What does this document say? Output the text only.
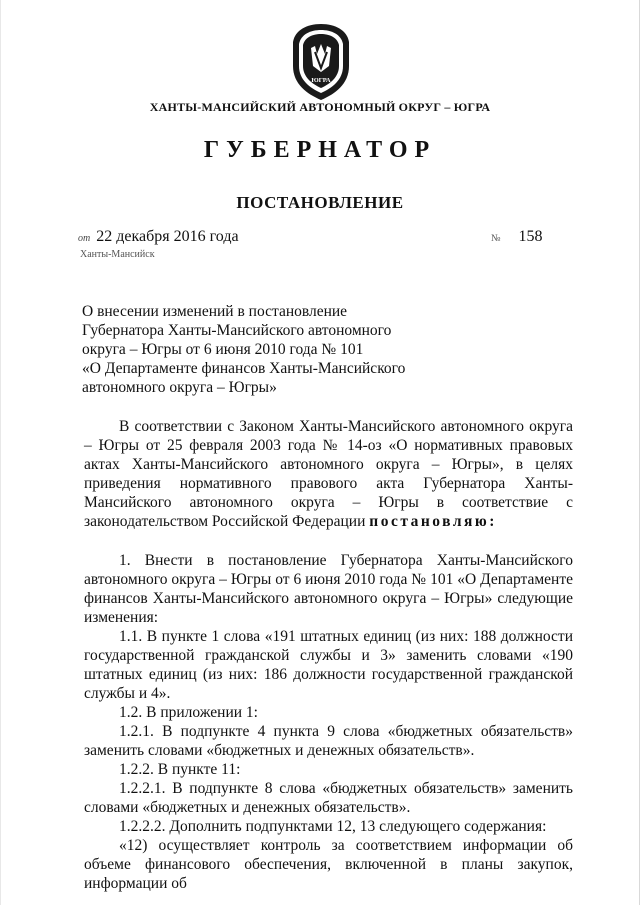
ЮГРА
ХАНТЫ-МАНСИЙСКИЙ АВТОНОМНЫЙ ОКРУГ – ЮГРА
ГУБЕРНАТОР
ПОСТАНОВЛЕНИЕ
от 22 декабря 2016 года
Ханты-Мансийск
№ 158
О внесении изменений в постановление
Губернатора Ханты-Мансийского автономного
округа – Югры от 6 июня 2010 года № 101
«О Департаменте финансов Ханты-Мансийского
автономного округа – Югры»

В соответствии с Законом Ханты-Мансийского автономного округа – Югры от 25 февраля 2003 года № 14-оз «О нормативных правовых актах Ханты-Мансийского автономного округа – Югры», в целях приведения нормативного правового акта Губернатора Ханты-Мансийского автономного округа – Югры в соответствие с законодательством Российской Федерации постановляю:

1. Внести в постановление Губернатора Ханты-Мансийского автономного округа – Югры от 6 июня 2010 года № 101 «О Департаменте финансов Ханты-Мансийского автономного округа – Югры» следующие изменения:

1.1. В пункте 1 слова «191 штатных единиц (из них: 188 должности государственной гражданской службы и 3» заменить словами «190 штатных единиц (из них: 186 должности государственной гражданской службы и 4».

1.2. В приложении 1:

1.2.1. В подпункте 4 пункта 9 слова «бюджетных обязательств» заменить словами «бюджетных и денежных обязательств».

1.2.2. В пункте 11:

1.2.2.1. В подпункте 8 слова «бюджетных обязательств» заменить словами «бюджетных и денежных обязательств».

1.2.2.2. Дополнить подпунктами 12, 13 следующего содержания:

«12) осуществляет контроль за соответствием информации об объеме финансового обеспечения, включенной в планы закупок, информации об
